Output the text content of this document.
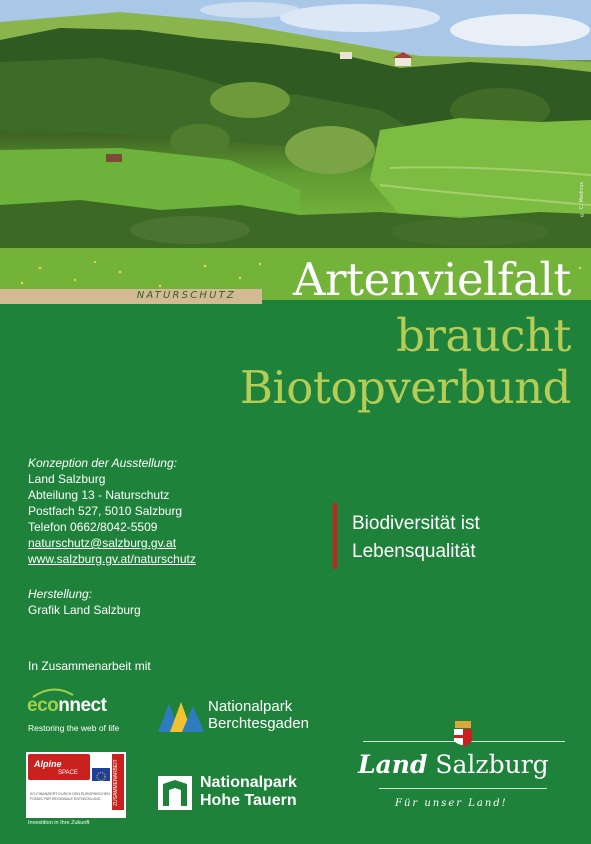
© C. Medicus
NATURSCHUTZ Artenvielfalt
braucht
Biotopverbund
Konzeption der Ausstellung:
Land Salzburg
Abteilung 13 - Naturschutz
Postfach 527, 5010 Salzburg
Telefon 0662/8042-5509
naturschutz@salzburg.gv.at
www.salzburg.gv.at/naturschutz
Herstellung:
Grafik Land Salzburg
Biodiversität ist
Lebensqualität
In Zusammenarbeit mit
econnect
Restoring the web of life
Nationalpark
Berchtesgaden
Alpine
SPACE	ZUSAMMENARBEIT
KO-FINANZIERT DURCH DEN EUROPÄISCHEN FONDS FÜR REGIONALE ENTWICKLUNG
Investition in Ihre Zukunft
Nationalpark
Hohe Tauern
Land Salzburg
Für unser Land!
